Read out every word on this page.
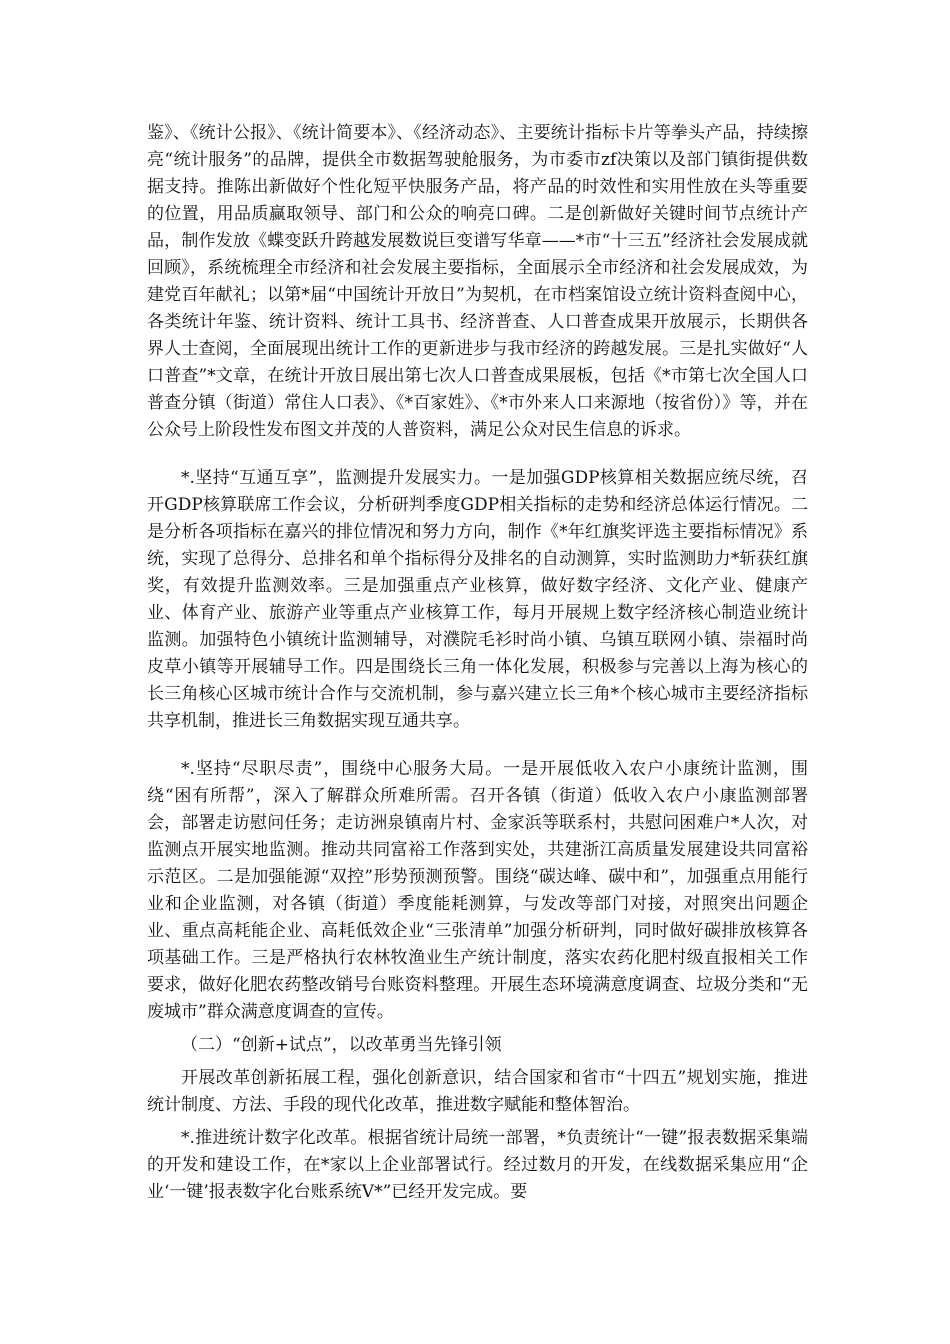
鉴》、《统计公报》、《统计简要本》、《经济动态》、主要统计指标卡片等拳头产品，持续擦亮“统计服务”的品牌，提供全市数据驾驶舱服务，为市委市zf决策以及部门镇街提供数据支持。推陈出新做好个性化短平快服务产品，将产品的时效性和实用性放在头等重要的位置，用品质赢取领导、部门和公众的响亮口碑。二是创新做好关键时间节点统计产品，制作发放《蝶变跃升跨越发展数说巨变谱写华章——*市“十三五”经济社会发展成就回顾》，系统梳理全市经济和社会发展主要指标，全面展示全市经济和社会发展成效，为建党百年献礼；以第*届“中国统计开放日”为契机，在市档案馆设立统计资料查阅中心，各类统计年鉴、统计资料、统计工具书、经济普查、人口普查成果开放展示，长期供各界人士查阅，全面展现出统计工作的更新进步与我市经济的跨越发展。三是扎实做好“人口普查”*文章，在统计开放日展出第七次人口普查成果展板，包括《*市第七次全国人口普查分镇（街道）常住人口表》、《*百家姓》、《*市外来人口来源地（按省份）》等，并在公众号上阶段性发布图文并茂的人普资料，满足公众对民生信息的诉求。

*.坚持“互通互享”，监测提升发展实力。一是加强GDP核算相关数据应统尽统，召开GDP核算联席工作会议，分析研判季度GDP相关指标的走势和经济总体运行情况。二是分析各项指标在嘉兴的排位情况和努力方向，制作《*年红旗奖评选主要指标情况》系统，实现了总得分、总排名和单个指标得分及排名的自动测算，实时监测助力*斩获红旗奖，有效提升监测效率。三是加强重点产业核算，做好数字经济、文化产业、健康产业、体育产业、旅游产业等重点产业核算工作，每月开展规上数字经济核心制造业统计监测。加强特色小镇统计监测辅导，对濮院毛衫时尚小镇、乌镇互联网小镇、崇福时尚皮草小镇等开展辅导工作。四是围绕长三角一体化发展，积极参与完善以上海为核心的长三角核心区城市统计合作与交流机制，参与嘉兴建立长三角*个核心城市主要经济指标共享机制，推进长三角数据实现互通共享。

*.坚持“尽职尽责”，围绕中心服务大局。一是开展低收入农户小康统计监测，围绕“困有所帮”，深入了解群众所难所需。召开各镇（街道）低收入农户小康监测部署会，部署走访慰问任务；走访洲泉镇南片村、金家浜等联系村，共慰问困难户*人次，对监测点开展实地监测。推动共同富裕工作落到实处，共建浙江高质量发展建设共同富裕示范区。二是加强能源“双控”形势预测预警。围绕“碳达峰、碳中和”，加强重点用能行业和企业监测，对各镇（街道）季度能耗测算，与发改等部门对接，对照突出问题企业、重点高耗能企业、高耗低效企业“三张清单”加强分析研判，同时做好碳排放核算各项基础工作。三是严格执行农林牧渔业生产统计制度，落实农药化肥村级直报相关工作要求，做好化肥农药整改销号台账资料整理。开展生态环境满意度调查、垃圾分类和“无废城市”群众满意度调查的宣传。

（二）“创新+试点”，以改革勇当先锋引领

开展改革创新拓展工程，强化创新意识，结合国家和省市“十四五”规划实施，推进统计制度、方法、手段的现代化改革，推进数字赋能和整体智治。

*.推进统计数字化改革。根据省统计局统一部署，*负责统计“一键”报表数据采集端的开发和建设工作，在*家以上企业部署试行。经过数月的开发，在线数据采集应用“企业‘一键’报表数字化台账系统V*”已经开发完成。要
